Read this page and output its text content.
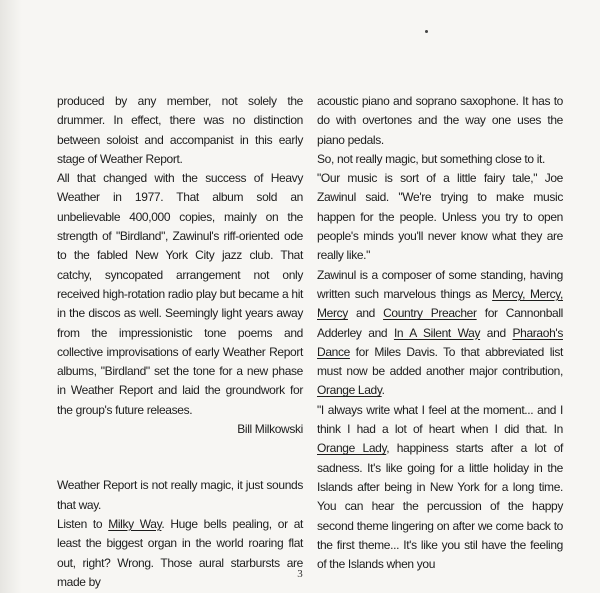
produced by any member, not solely the drummer. In effect, there was no distinction between soloist and accompanist in this early stage of Weather Report.

All that changed with the success of Heavy Weather in 1977. That album sold an unbelievable 400,000 copies, mainly on the strength of "Birdland", Zawinul's riff-oriented ode to the fabled New York City jazz club. That catchy, syncopated arrangement not only received high-rotation radio play but became a hit in the discos as well. Seemingly light years away from the impressionistic tone poems and collective improvisations of early Weather Report albums, "Birdland" set the tone for a new phase in Weather Report and laid the groundwork for the group's future releases.

Bill Milkowski

Weather Report is not really magic, it just sounds that way.

Listen to Milky Way. Huge bells pealing, or at least the biggest organ in the world roaring flat out, right? Wrong. Those aural starbursts are made by

acoustic piano and soprano saxophone. It has to do with overtones and the way one uses the piano pedals.

So, not really magic, but something close to it.

"Our music is sort of a little fairy tale," Joe Zawinul said. "We're trying to make music happen for the people. Unless you try to open people's minds you'll never know what they are really like."

Zawinul is a composer of some standing, having written such marvelous things as Mercy, Mercy, Mercy and Country Preacher for Cannonball Adderley and In A Silent Way and Pharaoh's Dance for Miles Davis. To that abbreviated list must now be added another major contribution, Orange Lady.

"I always write what I feel at the moment... and I think I had a lot of heart when I did that. In Orange Lady, happiness starts after a lot of sadness. It's like going for a little holiday in the Islands after being in New York for a long time. You can hear the percussion of the happy second theme lingering on after we come back to the first theme... It's like you stil have the feeling of the Islands when you

3
